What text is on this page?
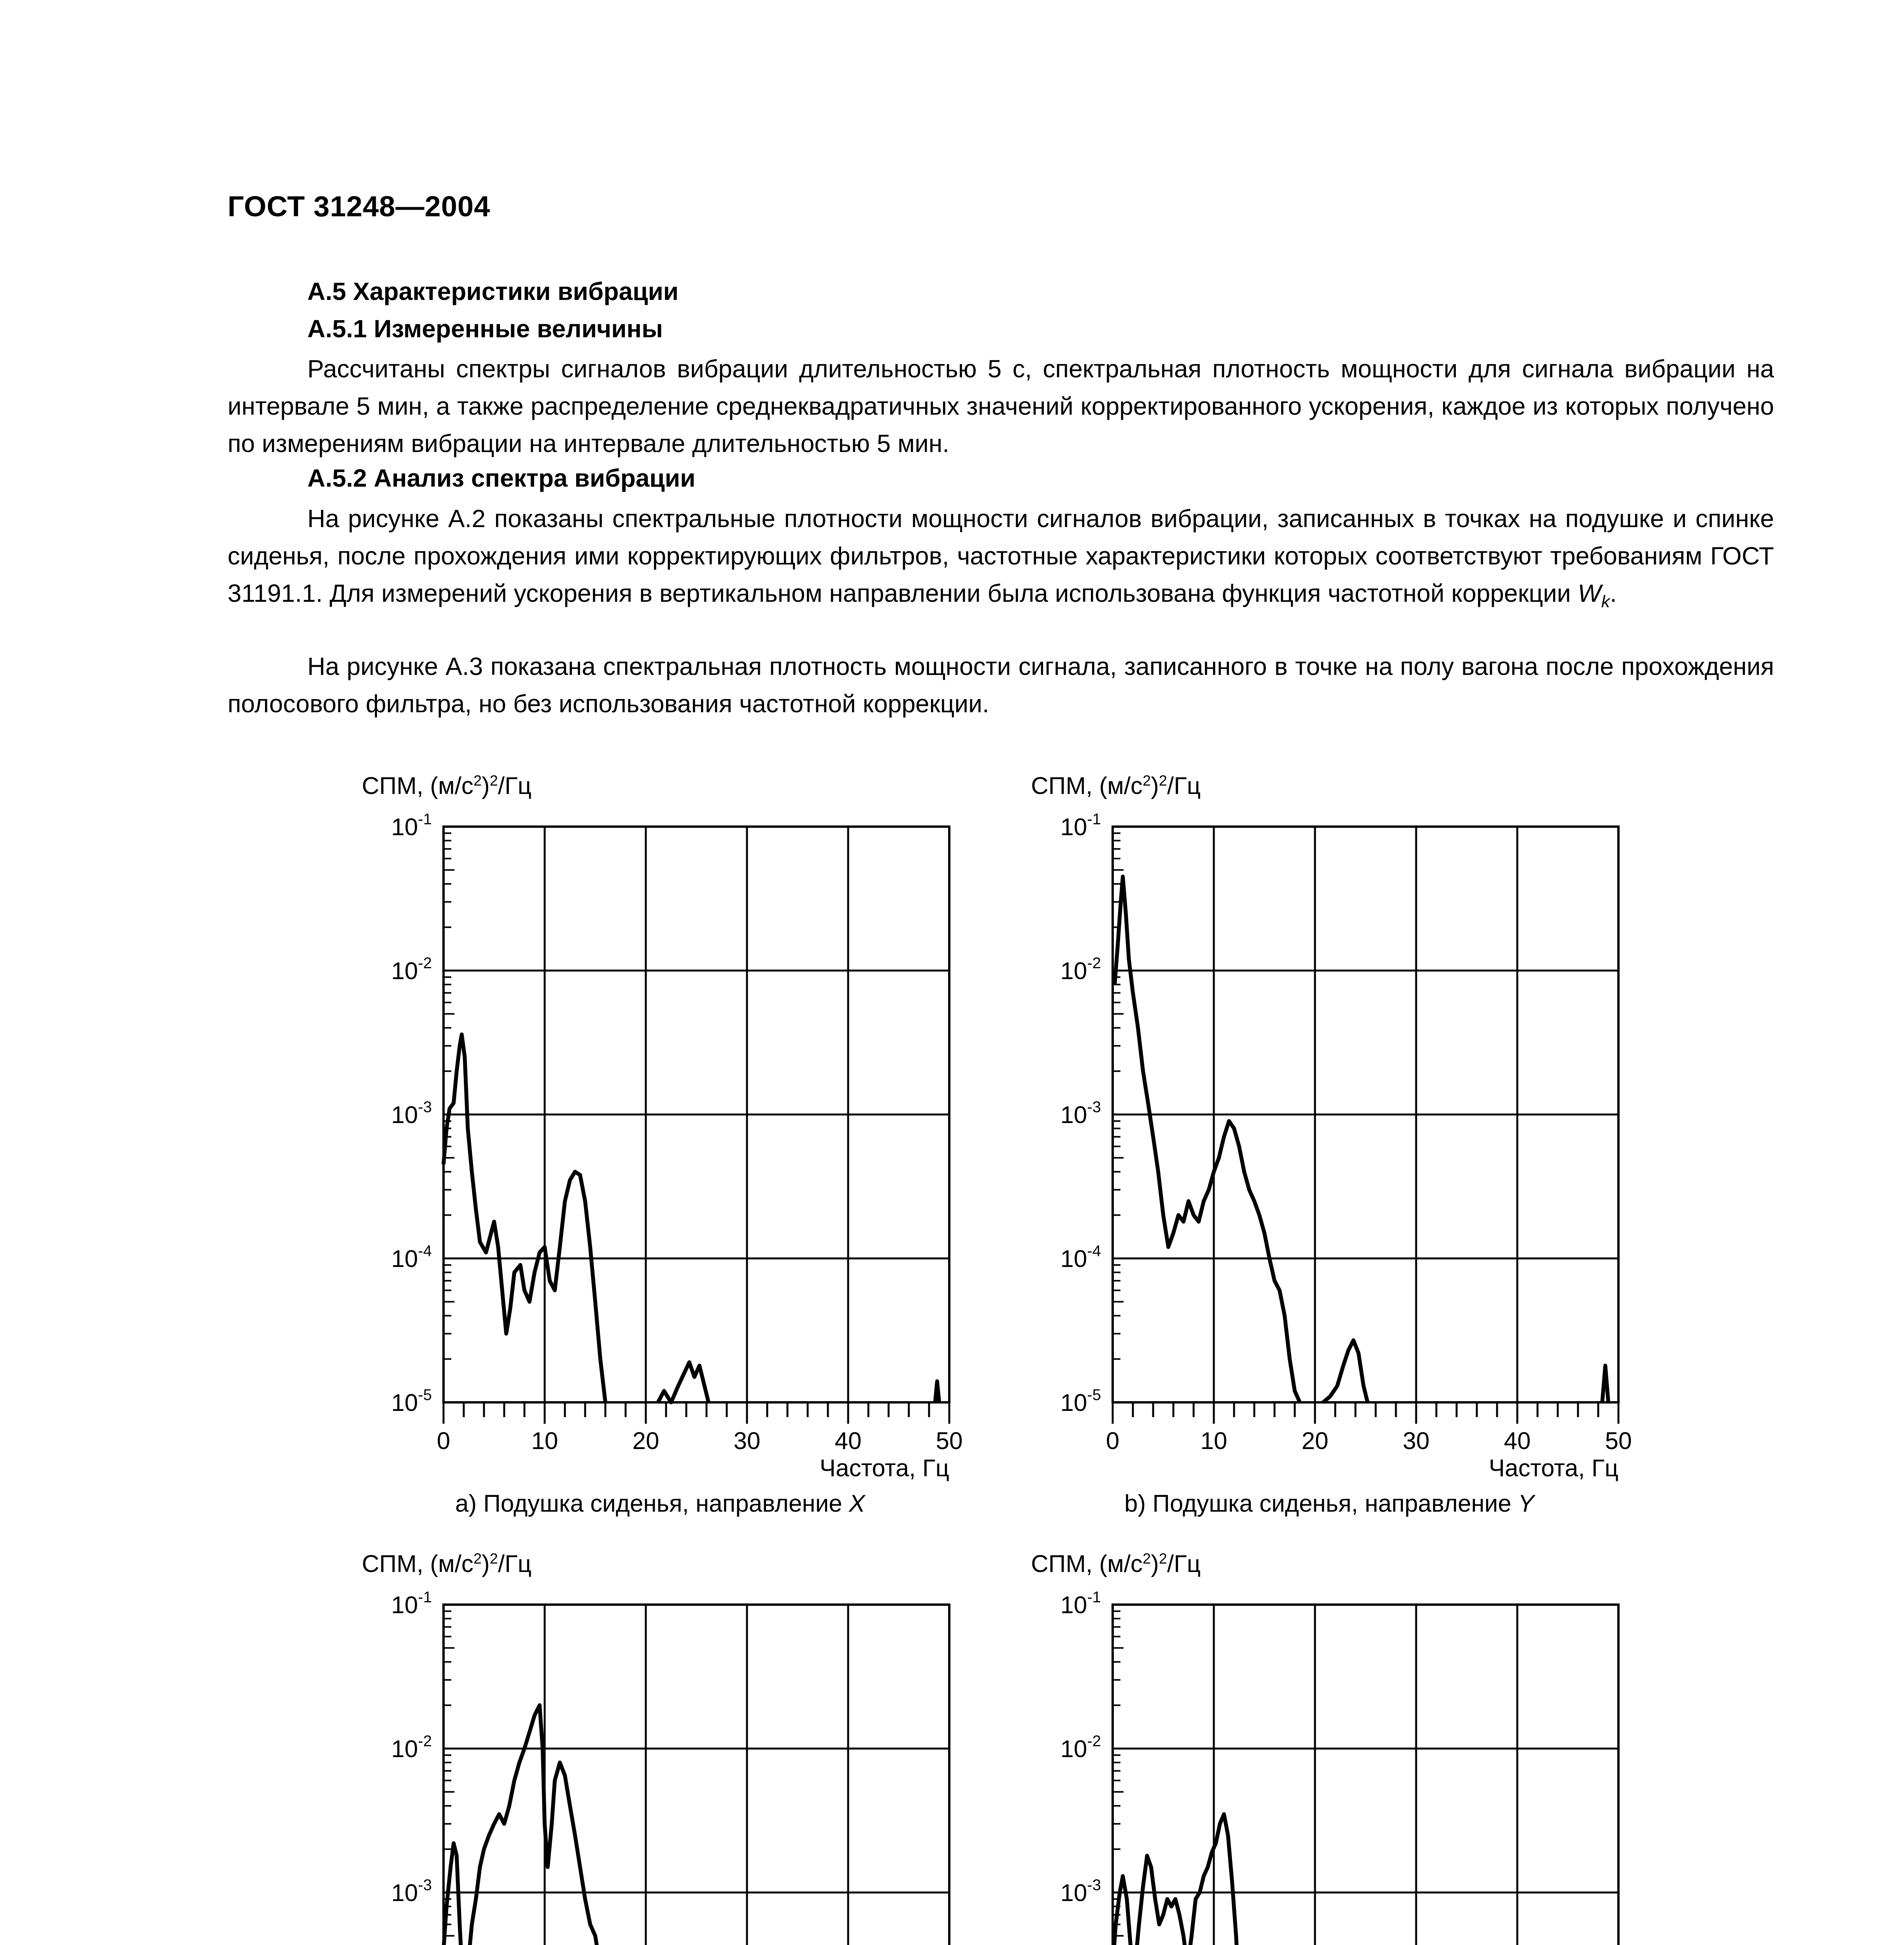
ГОСТ 31248—2004
А.5 Характеристики вибрации
А.5.1 Измеренные величины
Рассчитаны спектры сигналов вибрации длительностью 5 с, спектральная плотность мощности для сигнала вибрации на интервале 5 мин, а также распределение среднеквадратичных значений корректированного ускорения, каждое из которых получено по измерениям вибрации на интервале длительностью 5 мин.
А.5.2 Анализ спектра вибрации
На рисунке А.2 показаны спектральные плотности мощности сигналов вибрации, записанных в точках на подушке и спинке сиденья, после прохождения ими корректирующих фильтров, частотные характеристики которых соответствуют требованиям ГОСТ 31191.1. Для измерений ускорения в вертикальном направлении была использована функция частотной коррекции $W_k$.
На рисунке А.3 показана спектральная плотность мощности сигнала, записанного в точке на полу вагона после прохождения полосового фильтра, но без использования частотной коррекции.
СПМ, $(м/с^2)^2/Гц$
0	10	20	30	40	50
$10^{-1}$
$10^{-2}$
$10^{-3}$
$10^{-4}$
$10^{-5}$
Частота, Гц
а) Подушка сиденья, направление X
СПМ, $(м/с^2)^2/Гц$
0	10	20	30	40	50
$10^{-1}$
$10^{-2}$
$10^{-3}$
$10^{-4}$
$10^{-5}$
Частота, Гц
b) Подушка сиденья, направление Y
СПМ, $(м/с^2)^2/Гц$
$10^{-1}$
$10^{-2}$
$10^{-3}$
СПМ, $(м/с^2)^2/Гц$
$10^{-1}$
$10^{-2}$
$10^{-3}$
